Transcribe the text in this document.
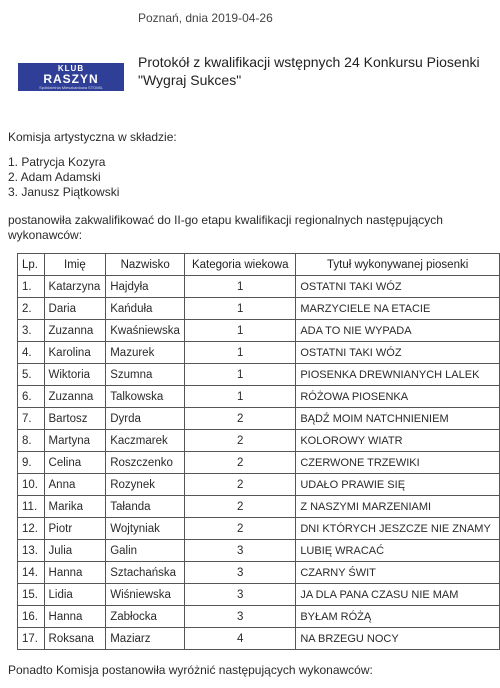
Poznań, dnia 2019-04-26
KLUB
RASZYN
Spółdzielnia Mieszkaniowa STOMIL
Protokół z kwalifikacji wstępnych 24 Konkursu Piosenki
"Wygraj Sukces"
Komisja artystyczna w składzie:
1. Patrycja Kozyra
2. Adam Adamski
3. Janusz Piątkowski
postanowiła zakwalifikować do II-go etapu kwalifikacji regionalnych następujących wykonawców:
Lp.	Imię	Nazwisko	Kategoria wiekowa	Tytuł wykonywanej piosenki
1.	Katarzyna	Hajdyła	1	OSTATNI TAKI WÓZ
2.	Daria	Kańduła	1	MARZYCIELE NA ETACIE
3.	Zuzanna	Kwaśniewska	1	ADA TO NIE WYPADA
4.	Karolina	Mazurek	1	OSTATNI TAKI WÓZ
5.	Wiktoria	Szumna	1	PIOSENKA DREWNIANYCH LALEK
6.	Zuzanna	Talkowska	1	RÓŻOWA PIOSENKA
7.	Bartosz	Dyrda	2	BĄDŹ MOIM NATCHNIENIEM
8.	Martyna	Kaczmarek	2	KOLOROWY WIATR
9.	Celina	Roszczenko	2	CZERWONE TRZEWIKI
10.	Anna	Rozynek	2	UDAŁO PRAWIE SIĘ
11.	Marika	Tałanda	2	Z NASZYMI MARZENIAMI
12.	Piotr	Wojtyniak	2	DNI KTÓRYCH JESZCZE NIE ZNAMY
13.	Julia	Galin	3	LUBIĘ WRACAĆ
14.	Hanna	Sztachańska	3	CZARNY ŚWIT
15.	Lidia	Wiśniewska	3	JA DLA PANA CZASU NIE MAM
16.	Hanna	Zabłocka	3	BYŁAM RÓŻĄ
17.	Roksana	Maziarz	4	NA BRZEGU NOCY
Ponadto Komisja postanowiła wyróżnić następujących wykonawców:
